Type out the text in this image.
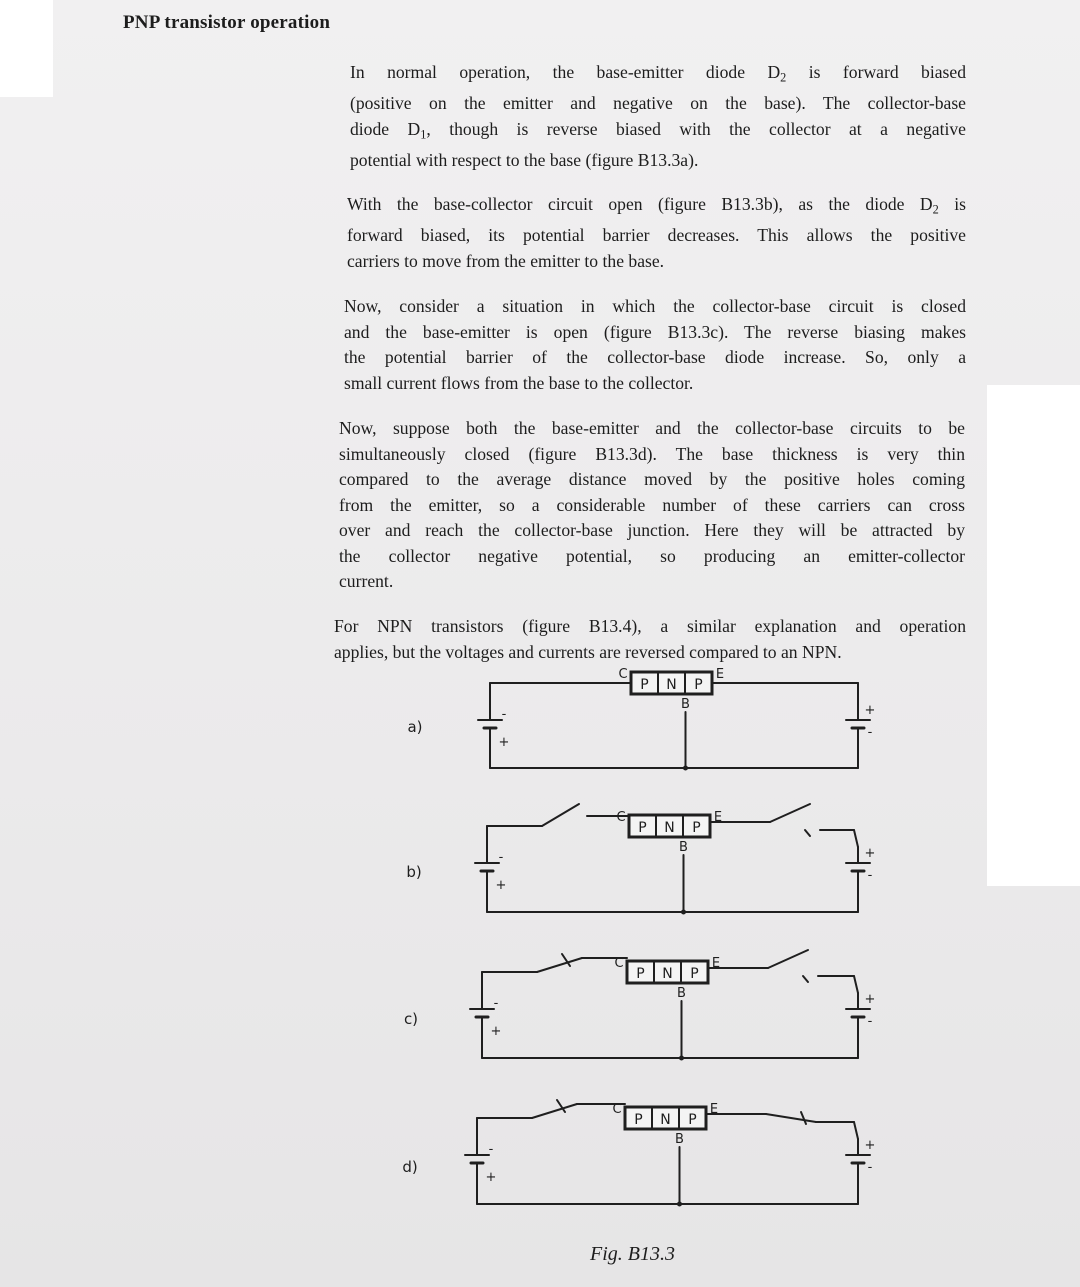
PNP transistor operation

In normal operation, the base-emitter diode $D_2$ is forward biased
(positive on the emitter and negative on the base). The collector-base
diode $D_1$, though is reverse biased with the collector at a negative
potential with respect to the base (figure B13.3a).

With the base-collector circuit open (figure B13.3b), as the diode $D_2$ is
forward biased, its potential barrier decreases. This allows the positive
carriers to move from the emitter to the base.

Now, consider a situation in which the collector-base circuit is closed
and the base-emitter is open (figure B13.3c). The reverse biasing makes
the potential barrier of the collector-base diode increase. So, only a
small current flows from the base to the collector.

Now, suppose both the base-emitter and the collector-base circuits to be
simultaneously closed (figure B13.3d). The base thickness is very thin
compared to the average distance moved by the positive holes coming
from the emitter, so a considerable number of these carriers can cross
over and reach the collector-base junction. Here they will be attracted by
the collector negative potential, so producing an emitter-collector
current.

For NPN transistors (figure B13.4), a similar explanation and operation
applies, but the voltages and currents are reversed compared to an NPN.

a)
P N P
C	E
B
-
+
+
-
b)
P N P
C	E
B
-
+
+
-
c)
P N P
C	E
B
-
+
+
-
d)
P N P
C	E
B
-
+
+
-
Fig. B13.3
